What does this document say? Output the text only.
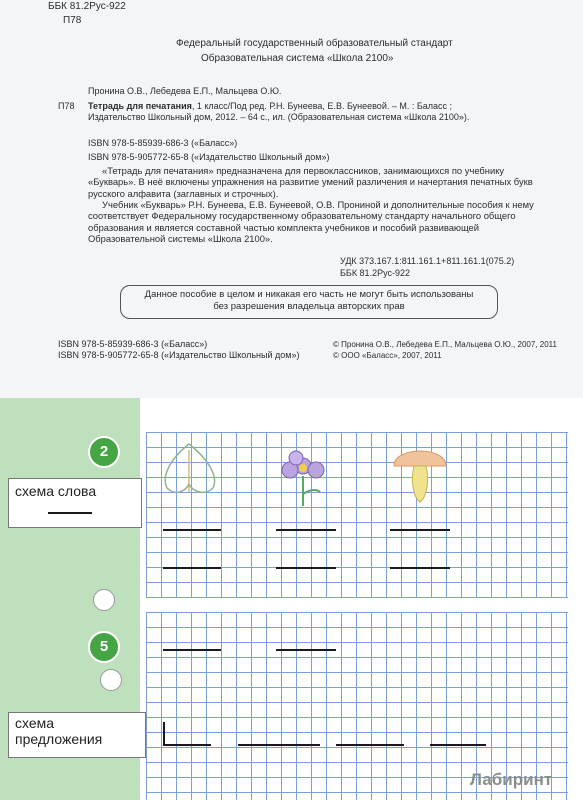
ББК 81.2Рус-922
П78
Федеральный государственный образовательный стандарт
Образовательная система «Школа 2100»
Пронина О.В., Лебедева Е.П., Мальцева О.Ю.
П78 Тетрадь для печатания, 1 класс/Под ред. Р.Н. Бунеева, Е.В. Бунеевой. – М. : Баласс ;
Издательство Школьный дом, 2012. – 64 с., ил. (Образовательная система «Школа 2100»).
ISBN 978-5-85939-686-3 («Баласс»)
ISBN 978-5-905772-65-8 («Издательство Школьный дом»)
«Тетрадь для печатания» предназначена для первоклассников, занимающихся по учебнику «Букварь». В неё включены упражнения на развитие умений различения и начертания печатных букв русского алфавита (заглавных и строчных).
Учебник «Букварь» Р.Н. Бунеева, Е.В. Бунеевой, О.В. Прониной и дополнительные пособия к нему соответствует Федеральному государственному образовательному стандарту начального общего образования и является составной частью комплекта учебников и пособий развивающей Образовательной системы «Школа 2100».
УДК 373.167.1:811.161.1+811.161.1(075.2)
ББК 81.2Рус-922
Данное пособие в целом и никакая его часть не могут быть использованы
без разрешения владельца авторских прав
ISBN 978-5-85939-686-3 («Баласс»)
ISBN 978-5-905772-65-8 («Издательство Школьный дом»)
© Пронина О.В., Лебедева Е.П., Мальцева О.Ю., 2007, 2011
© ООО «Баласс», 2007, 2011
2
схема слова
5
схема
предложения
Лабиринт
